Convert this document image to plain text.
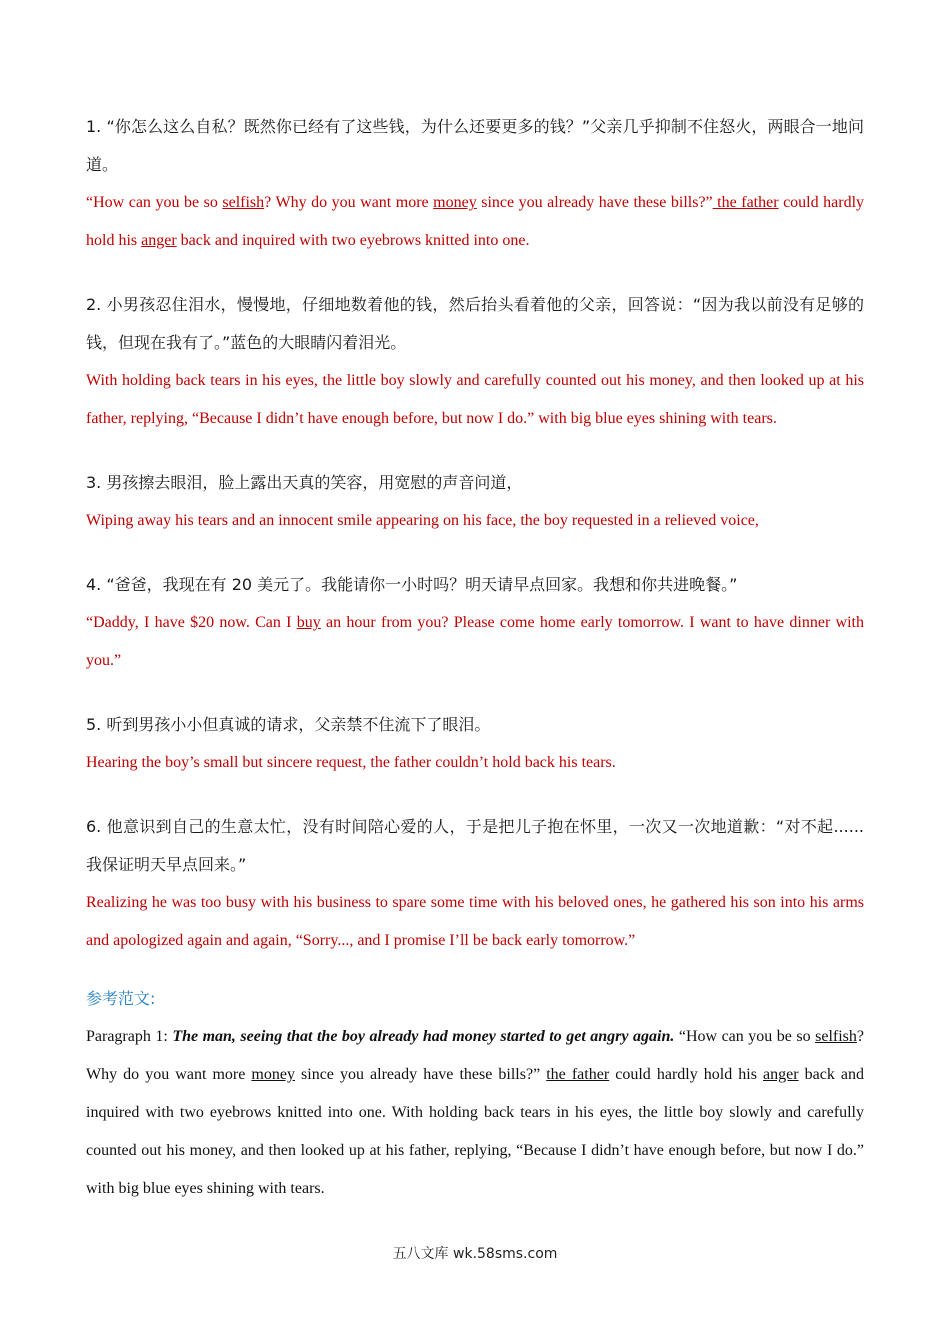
1. “你怎么这么自私？既然你已经有了这些钱，为什么还要更多的钱？”父亲几乎抑制不住怒火，两眼合一地问道。
“How can you be so selfish? Why do you want more money since you already have these bills?” the father could hardly hold his anger back and inquired with two eyebrows knitted into one.
2. 小男孩忍住泪水，慢慢地，仔细地数着他的钱，然后抬头看着他的父亲，回答说：“因为我以前没有足够的钱，但现在我有了。”蓝色的大眼睛闪着泪光。
With holding back tears in his eyes, the little boy slowly and carefully counted out his money, and then looked up at his father, replying, “Because I didn’t have enough before, but now I do.” with big blue eyes shining with tears.
3. 男孩擦去眼泪，脸上露出天真的笑容，用宽慰的声音问道，
Wiping away his tears and an innocent smile appearing on his face, the boy requested in a relieved voice,
4. “爸爸，我现在有 20 美元了。我能请你一小时吗？明天请早点回家。我想和你共进晚餐。”
“Daddy, I have $20 now. Can I buy an hour from you? Please come home early tomorrow. I want to have dinner with you.”
5. 听到男孩小小但真诚的请求，父亲禁不住流下了眼泪。
Hearing the boy’s small but sincere request, the father couldn’t hold back his tears.
6. 他意识到自己的生意太忙，没有时间陪心爱的人，于是把儿子抱在怀里，一次又一次地道歉：“对不起......我保证明天早点回来。”
Realizing he was too busy with his business to spare some time with his beloved ones, he gathered his son into his arms and apologized again and again, “Sorry..., and I promise I’ll be back early tomorrow.”
参考范文:
Paragraph 1: The man, seeing that the boy already had money started to get angry again. “How can you be so selfish? Why do you want more money since you already have these bills?” the father could hardly hold his anger back and inquired with two eyebrows knitted into one. With holding back tears in his eyes, the little boy slowly and carefully counted out his money, and then looked up at his father, replying, “Because I didn’t have enough before, but now I do.” with big blue eyes shining with tears.
五八文库 wk.58sms.com
